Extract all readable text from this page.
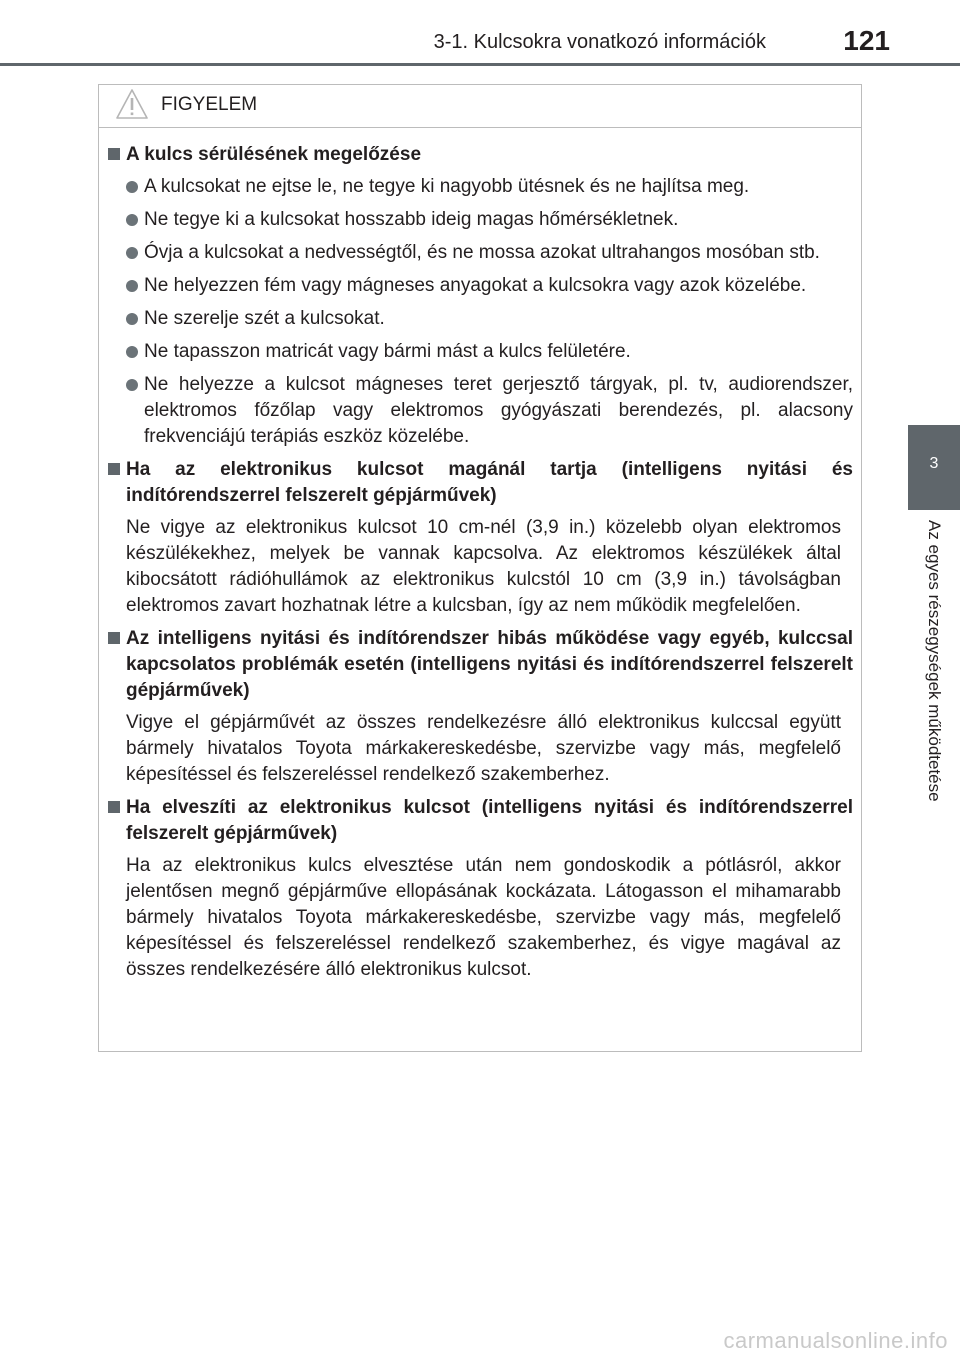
3-1. Kulcsokra vonatkozó információk	121
3
Az egyes részegységek működtetése
FIGYELEM
A kulcs sérülésének megelőzése
A kulcsokat ne ejtse le, ne tegye ki nagyobb ütésnek és ne hajlítsa meg.
Ne tegye ki a kulcsokat hosszabb ideig magas hőmérsékletnek.
Óvja a kulcsokat a nedvességtől, és ne mossa azokat ultrahangos mosóban stb.
Ne helyezzen fém vagy mágneses anyagokat a kulcsokra vagy azok közelébe.
Ne szerelje szét a kulcsokat.
Ne tapasszon matricát vagy bármi mást a kulcs felületére.
Ne helyezze a kulcsot mágneses teret gerjesztő tárgyak, pl. tv, audiorendszer, elektromos főzőlap vagy elektromos gyógyászati berendezés, pl. alacsony frekvenciájú terápiás eszköz közelébe.
Ha az elektronikus kulcsot magánál tartja (intelligens nyitási és indítórendszerrel felszerelt gépjárművek)
Ne vigye az elektronikus kulcsot 10 cm-nél (3,9 in.) közelebb olyan elektromos készülékekhez, melyek be vannak kapcsolva. Az elektromos készülékek által kibocsátott rádióhullámok az elektronikus kulcstól 10 cm (3,9 in.) távolságban elektromos zavart hozhatnak létre a kulcsban, így az nem működik megfelelően.
Az intelligens nyitási és indítórendszer hibás működése vagy egyéb, kulccsal kapcsolatos problémák esetén (intelligens nyitási és indítórendszerrel felszerelt gépjárművek)
Vigye el gépjárművét az összes rendelkezésre álló elektronikus kulccsal együtt bármely hivatalos Toyota márkakereskedésbe, szervizbe vagy más, megfelelő képesítéssel és felszereléssel rendelkező szakemberhez.
Ha elveszíti az elektronikus kulcsot (intelligens nyitási és indítórendszerrel felszerelt gépjárművek)
Ha az elektronikus kulcs elvesztése után nem gondoskodik a pótlásról, akkor jelentősen megnő gépjárműve ellopásának kockázata. Látogasson el mihamarabb bármely hivatalos Toyota márkakereskedésbe, szervizbe vagy más, megfelelő képesítéssel és felszereléssel rendelkező szakemberhez, és vigye magával az összes rendelkezésére álló elektronikus kulcsot.
carmanualsonline.info
